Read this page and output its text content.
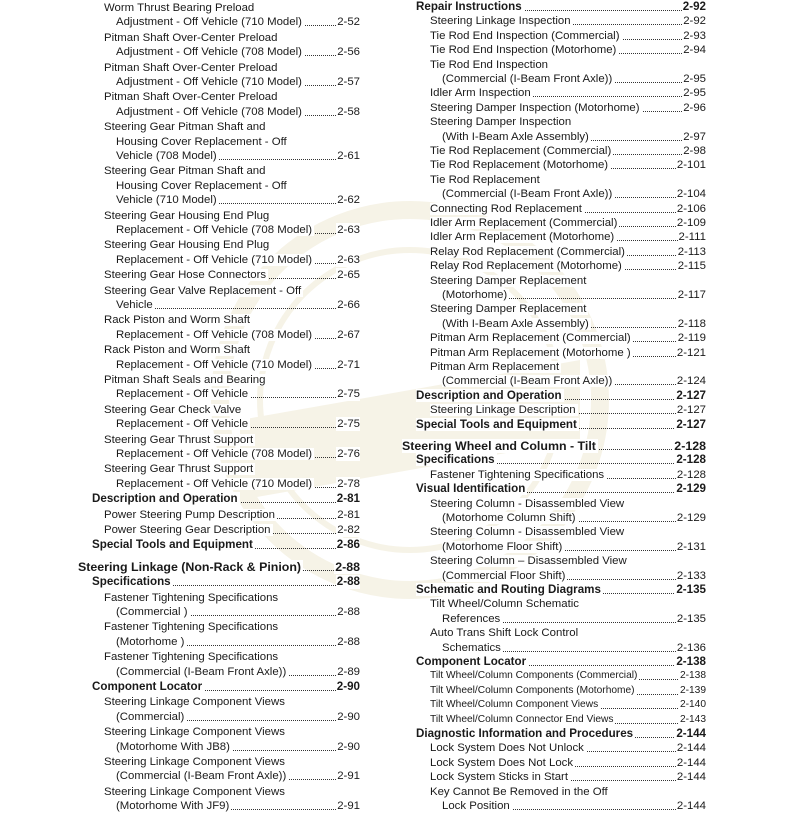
Worm Thrust Bearing Preload
Adjustment - Off Vehicle (710 Model)	2-52
Pitman Shaft Over-Center Preload
Adjustment - Off Vehicle (708 Model)	2-56
Pitman Shaft Over-Center Preload
Adjustment - Off Vehicle (710 Model)	2-57
Pitman Shaft Over-Center Preload
Adjustment - Off Vehicle (708 Model)	2-58
Steering Gear Pitman Shaft and
Housing Cover Replacement - Off
Vehicle (708 Model)	2-61
Steering Gear Pitman Shaft and
Housing Cover Replacement - Off
Vehicle (710 Model)	2-62
Steering Gear Housing End Plug
Replacement - Off Vehicle (708 Model) 2-63
Steering Gear Housing End Plug
Replacement - Off Vehicle (710 Model) 2-63
Steering Gear Hose Connectors	2-65
Steering Gear Valve Replacement - Off
Vehicle	2-66
Rack Piston and Worm Shaft
Replacement - Off Vehicle (708 Model) 2-67
Rack Piston and Worm Shaft
Replacement - Off Vehicle (710 Model) 2-71
Pitman Shaft Seals and Bearing
Replacement - Off Vehicle	2-75
Steering Gear Check Valve
Replacement - Off Vehicle	2-75
Steering Gear Thrust Support
Replacement - Off Vehicle (708 Model) 2-76
Steering Gear Thrust Support
Replacement - Off Vehicle (710 Model) 2-78
Description and Operation	2-81
Power Steering Pump Description	2-81
Power Steering Gear Description	2-82
Special Tools and Equipment	2-86
Steering Linkage (Non-Rack & Pinion)	2-88
Specifications	2-88
Fastener Tightening Specifications
(Commercial )	2-88
Fastener Tightening Specifications
(Motorhome )	2-88
Fastener Tightening Specifications
(Commercial (I-Beam Front Axle))	2-89
Component Locator	2-90
Steering Linkage Component Views
(Commercial)	2-90
Steering Linkage Component Views
(Motorhome With JB8)	2-90
Steering Linkage Component Views
(Commercial (I-Beam Front Axle))	2-91
Steering Linkage Component Views
(Motorhome With JF9)	2-91
Repair Instructions	2-92
Steering Linkage Inspection	2-92
Tie Rod End Inspection (Commercial)	2-93
Tie Rod End Inspection (Motorhome)	2-94
Tie Rod End Inspection
(Commercial (I-Beam Front Axle))	2-95
Idler Arm Inspection	2-95
Steering Damper Inspection (Motorhome)	2-96
Steering Damper Inspection
(With I-Beam Axle Assembly)	2-97
Tie Rod Replacement (Commercial)	2-98
Tie Rod Replacement (Motorhome)	2-101
Tie Rod Replacement
(Commercial (I-Beam Front Axle))	2-104
Connecting Rod Replacement	2-106
Idler Arm Replacement (Commercial)	2-109
Idler Arm Replacement (Motorhome)	2-111
Relay Rod Replacement (Commercial)	2-113
Relay Rod Replacement (Motorhome)	2-115
Steering Damper Replacement
(Motorhome)	2-117
Steering Damper Replacement
(With I-Beam Axle Assembly)	2-118
Pitman Arm Replacement (Commercial)	2-119
Pitman Arm Replacement (Motorhome )	2-121
Pitman Arm Replacement
(Commercial (I-Beam Front Axle))	2-124
Description and Operation	2-127
Steering Linkage Description	2-127
Special Tools and Equipment	2-127
Steering Wheel and Column - Tilt	2-128
Specifications	2-128
Fastener Tightening Specifications	2-128
Visual Identification	2-129
Steering Column - Disassembled View
(Motorhome Column Shift)	2-129
Steering Column - Disassembled View
(Motorhome Floor Shift)	2-131
Steering Column – Disassembled View
(Commercial Floor Shift)	2-133
Schematic and Routing Diagrams	2-135
Tilt Wheel/Column Schematic
References	2-135
Auto Trans Shift Lock Control
Schematics	2-136
Component Locator	2-138
Tilt Wheel/Column Components (Commercial)	2-138
Tilt Wheel/Column Components (Motorhome)	2-139
Tilt Wheel/Column Component Views	2-140
Tilt Wheel/Column Connector End Views	2-143
Diagnostic Information and Procedures	2-144
Lock System Does Not Unlock	2-144
Lock System Does Not Lock	2-144
Lock System Sticks in Start	2-144
Key Cannot Be Removed in the Off
Lock Position	2-144
